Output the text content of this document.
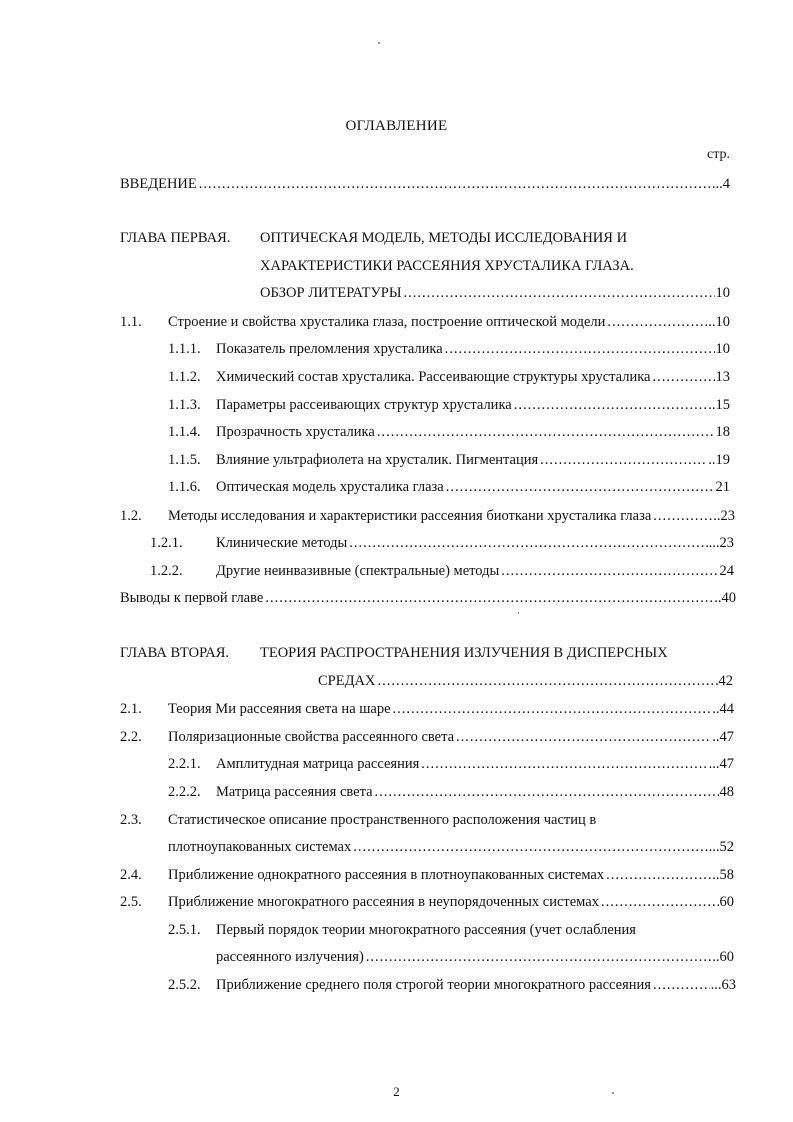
ОГЛАВЛЕНИЕ
стр.
ВВЕДЕНИЕ .....	...4
ГЛАВА ПЕРВАЯ. ОПТИЧЕСКАЯ МОДЕЛЬ, МЕТОДЫ ИССЛЕДОВАНИЯ И
ХАРАКТЕРИСТИКИ РАССЕЯНИЯ ХРУСТАЛИКА ГЛАЗА.
ОБЗОР ЛИТЕРАТУРЫ .....	10
1.1. Строение и свойства хрусталика глаза, построение оптической модели .....	..10
1.1.1. Показатель преломления хрусталика .....	10
1.1.2. Химический состав хрусталика. Рассеивающие структуры хрусталика .....	13
1.1.3. Параметры рассеивающих структур хрусталика .....	..15
1.1.4. Прозрачность хрусталика .....	18
1.1.5. Влияние ультрафиолета на хрусталик. Пигментация .....	..19
1.1.6. Оптическая модель хрусталика глаза .....	21
1.2. Методы исследования и характеристики рассеяния биоткани хрусталика глаза .....	..23
1.2.1. Клинические методы .....	...23
1.2.2. Другие неинвазивные (спектральные) методы .....	24
Выводы к первой главе .....	..40
ГЛАВА ВТОРАЯ. ТЕОРИЯ РАСПРОСТРАНЕНИЯ ИЗЛУЧЕНИЯ В ДИСПЕРСНЫХ
СРЕДАХ .....	42
2.1. Теория Ми рассеяния света на шаре .....	..44
2.2. Поляризационные свойства рассеянного света .....	..47
2.2.1. Амплитудная матрица рассеяния .....	...47
2.2.2. Матрица рассеяния света .....	48
2.3. Статистическое описание пространственного расположения частиц в
плотноупакованных системах .....	...52
2.4. Приближение однократного рассеяния в плотноупакованных системах .....	..58
2.5. Приближение многократного рассеяния в неупорядоченных системах .....	60
2.5.1. Первый порядок теории многократного рассеяния (учет ослабления
рассеянного излучения) .....	..60
2.5.2. Приближение среднего поля строгой теории многократного рассеяния .....	...63
2
